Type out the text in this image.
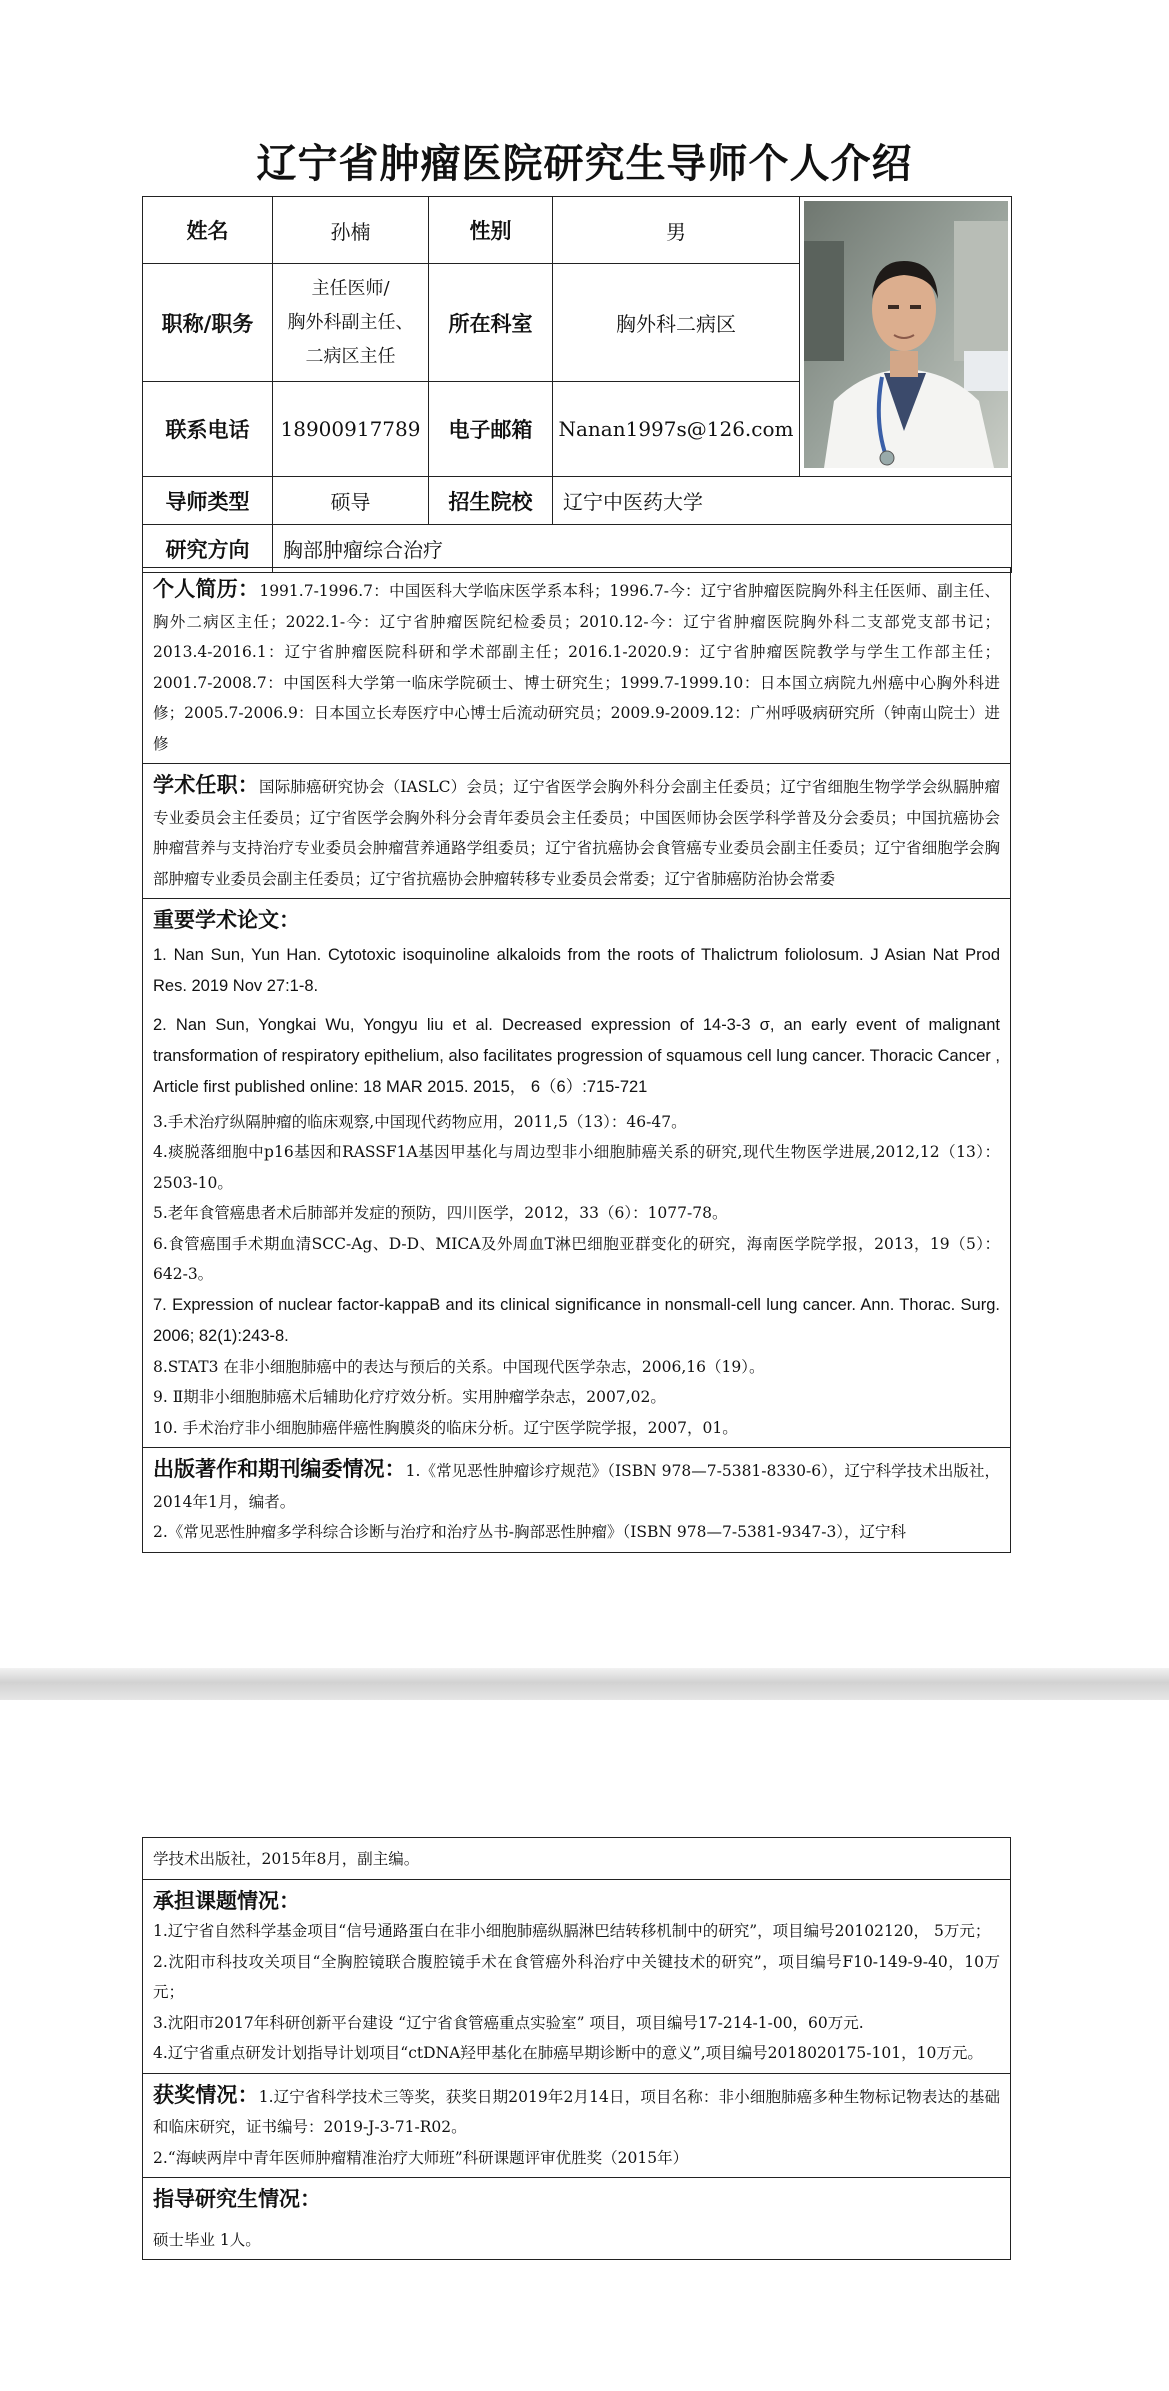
辽宁省肿瘤医院研究生导师个人介绍
姓名	孙楠	性别	男	
职称/职务	主任医师/
胸外科副主任、
二病区主任	所在科室	胸外科二病区	
联系电话	18900917789	电子邮箱	Nanan1997s@126.com	
导师类型	硕导	招生院校	辽宁中医药大学	
研究方向	胸部肿瘤综合治疗			
个人简历：1991.7-1996.7：中国医科大学临床医学系本科；1996.7-今：辽宁省肿瘤医院胸外科主任医师、副主任、胸外二病区主任；2022.1-今：辽宁省肿瘤医院纪检委员；2010.12-今：辽宁省肿瘤医院胸外科二支部党支部书记；2013.4-2016.1：辽宁省肿瘤医院科研和学术部副主任；2016.1-2020.9：辽宁省肿瘤医院教学与学生工作部主任；2001.7-2008.7：中国医科大学第一临床学院硕士、博士研究生；1999.7-1999.10：日本国立病院九州癌中心胸外科进修；2005.7-2006.9：日本国立长寿医疗中心博士后流动研究员；2009.9-2009.12：广州呼吸病研究所（钟南山院士）进修
学术任职：国际肺癌研究协会（IASLC）会员；辽宁省医学会胸外科分会副主任委员；辽宁省细胞生物学学会纵膈肿瘤专业委员会主任委员；辽宁省医学会胸外科分会青年委员会主任委员；中国医师协会医学科学普及分会委员；中国抗癌协会肿瘤营养与支持治疗专业委员会肿瘤营养通路学组委员；辽宁省抗癌协会食管癌专业委员会副主任委员；辽宁省细胞学会胸部肿瘤专业委员会副主任委员；辽宁省抗癌协会肿瘤转移专业委员会常委；辽宁省肺癌防治协会常委

重要学术论文：

1. Nan Sun, Yun Han. Cytotoxic isoquinoline alkaloids from the roots of Thalictrum foliolosum. J Asian Nat Prod Res. 2019 Nov 27:1-8.

2. Nan Sun, Yongkai Wu, Yongyu liu et al. Decreased expression of 14-3-3 σ, an early event of malignant transformation of respiratory epithelium, also facilitates progression of squamous cell lung cancer. Thoracic Cancer , Article first published online: 18 MAR 2015. 2015， 6（6）:715-721

3.手术治疗纵隔肿瘤的临床观察,中国现代药物应用，2011,5（13）：46-47。

4.痰脱落细胞中p16基因和RASSF1A基因甲基化与周边型非小细胞肺癌关系的研究,现代生物医学进展,2012,12（13）：2503-10。

5.老年食管癌患者术后肺部并发症的预防，四川医学，2012，33（6）：1077-78。

6.食管癌围手术期血清SCC-Ag、D-D、MICA及外周血T淋巴细胞亚群变化的研究，海南医学院学报，2013，19（5）：642-3。

7. Expression of nuclear factor-kappaB and its clinical significance in nonsmall-cell lung cancer. Ann. Thorac. Surg. 2006; 82(1):243-8.

8.STAT3 在非小细胞肺癌中的表达与预后的关系。中国现代医学杂志，2006,16（19）。

9. Ⅱ期非小细胞肺癌术后辅助化疗疗效分析。实用肿瘤学杂志，2007,02。

10. 手术治疗非小细胞肺癌伴癌性胸膜炎的临床分析。辽宁医学院学报，2007，01。

出版著作和期刊编委情况：1.《常见恶性肿瘤诊疗规范》（ISBN 978—7-5381-8330-6），辽宁科学技术出版社，2014年1月，编者。

2.《常见恶性肿瘤多学科综合诊断与治疗和治疗丛书-胸部恶性肿瘤》（ISBN 978—7-5381-9347-3），辽宁科

学技术出版社，2015年8月，副主编。

承担课题情况：

1.辽宁省自然科学基金项目“信号通路蛋白在非小细胞肺癌纵膈淋巴结转移机制中的研究”，项目编号20102120， 5万元；

2.沈阳市科技攻关项目“全胸腔镜联合腹腔镜手术在食管癌外科治疗中关键技术的研究”，项目编号F10-149-9-40，10万元；

3.沈阳市2017年科研创新平台建设 “辽宁省食管癌重点实验室” 项目，项目编号17-214-1-00，60万元.

4.辽宁省重点研发计划指导计划项目“ctDNA羟甲基化在肺癌早期诊断中的意义”,项目编号2018020175-101，10万元。

获奖情况：1.辽宁省科学技术三等奖，获奖日期2019年2月14日，项目名称：非小细胞肺癌多种生物标记物表达的基础和临床研究，证书编号：2019-J-3-71-R02。

2.“海峡两岸中青年医师肿瘤精准治疗大师班”科研课题评审优胜奖（2015年）

指导研究生情况：

硕士毕业 1人。
